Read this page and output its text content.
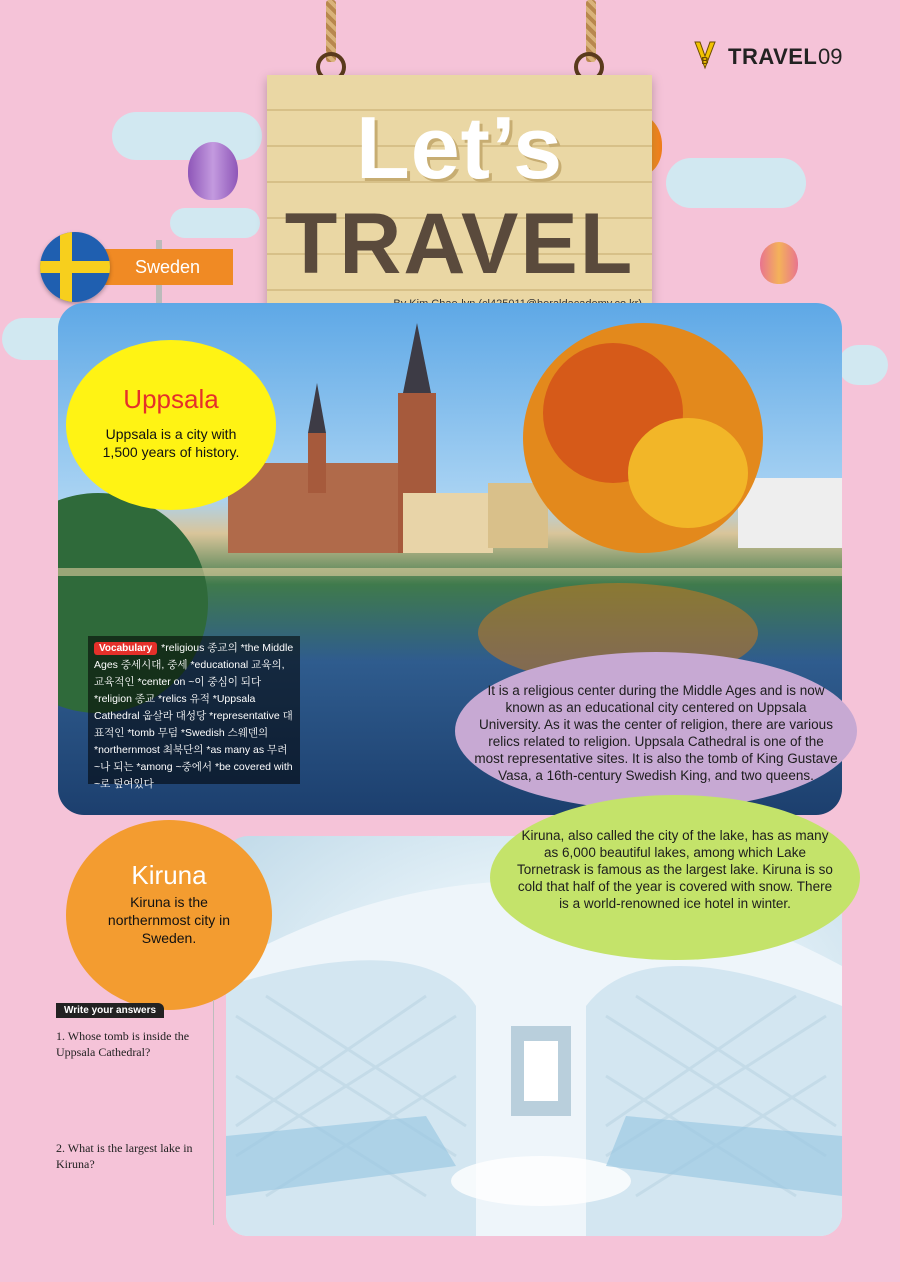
B TRAVEL 09
Let’s
TRAVEL
Sweden
Vocabulary *religious 종교의 *the Middle Ages 중세시대, 중세 *educational 교육의, 교육적인 *center on ~이 중심이 되다 *religion 종교 *relics 유적 *Uppsala Cathedral 웁살라 대성당 *representative 대표적인 *tomb 무덤 *Swedish 스웨덴의 *northernmost 최북단의 *as many as 무려 ~나 되는 *among ~중에서 *be covered with ~로 덮여있다
Uppsala
Uppsala is a city with 1,500 years of history.
It is a religious center during the Middle Ages and is now known as an educational city centered on Uppsala University. As it was the center of religion, there are various relics related to religion. Uppsala Cathedral is one of the most representative sites. It is also the tomb of King Gustave Vasa, a 16th-century Swedish King, and two queens.
Kiruna, also called the city of the lake, has as many as 6,000 beautiful lakes, among which Lake Tornetrask is famous as the largest lake. Kiruna is so cold that half of the year is covered with snow. There is a world-renowned ice hotel in winter.
Kiruna
Kiruna is the northernmost city in Sweden.
Write your answers
1. Whose tomb is inside the Uppsala Cathedral?
2. What is the largest lake in Kiruna?
